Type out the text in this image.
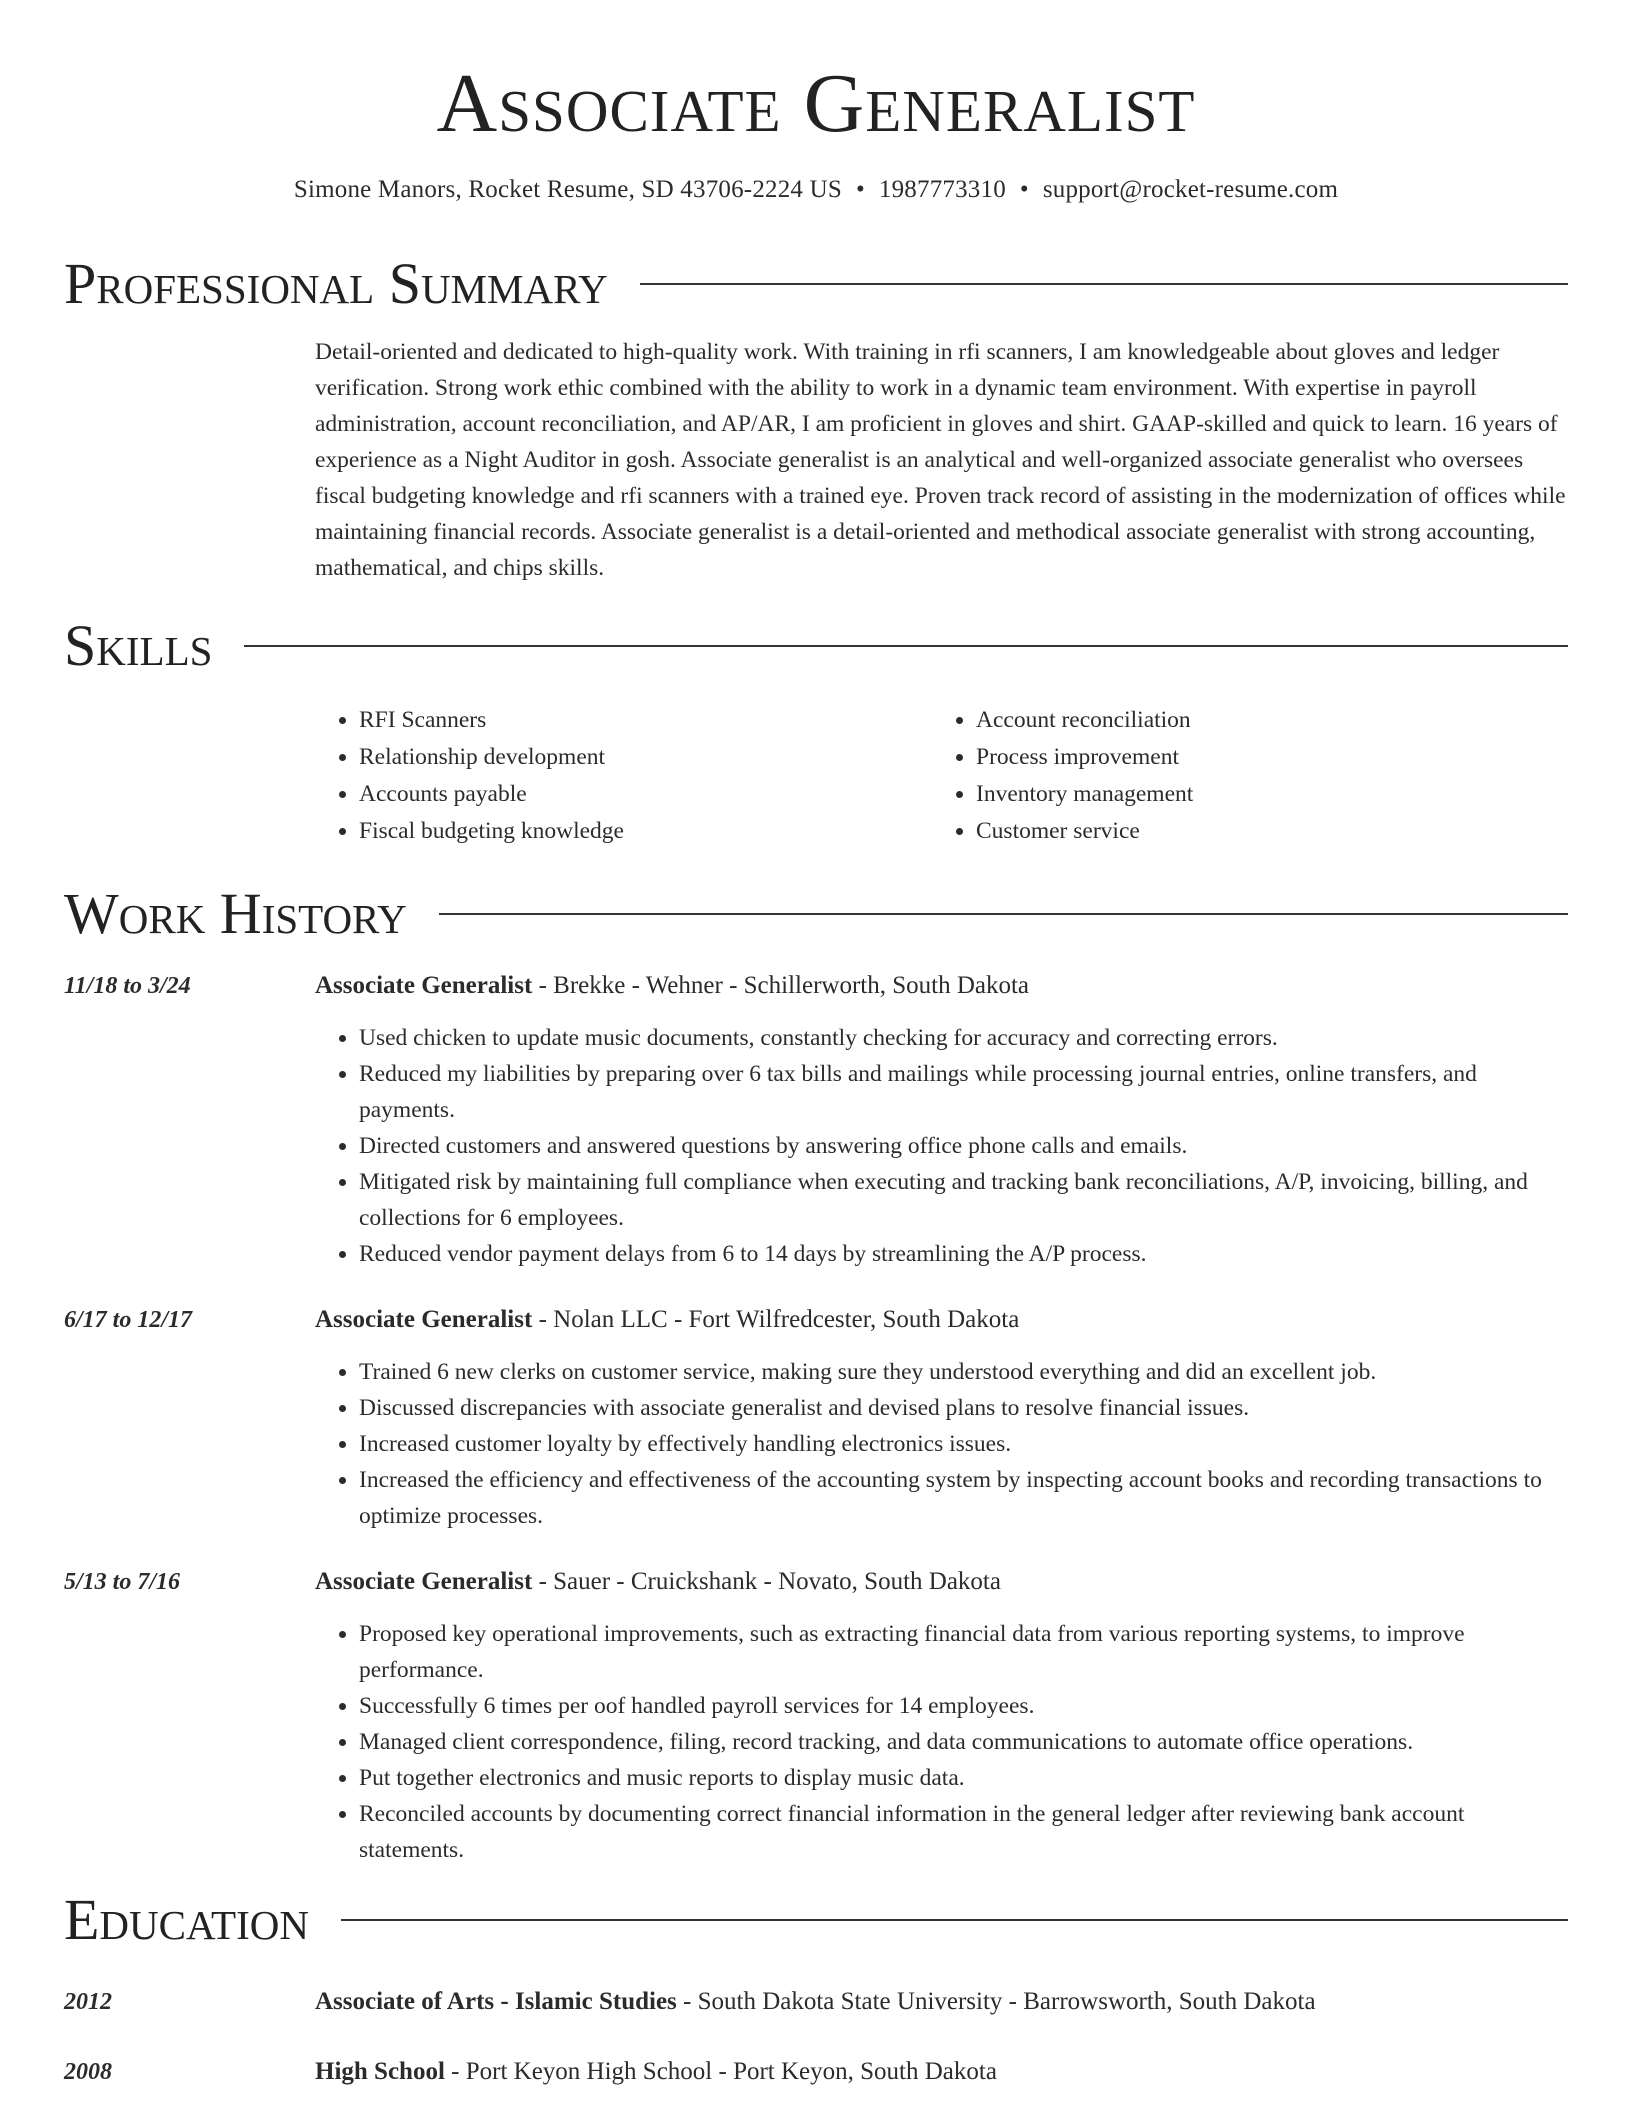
Associate Generalist
Simone Manors, Rocket Resume, SD 43706-2224 US • 1987773310 • support@rocket-resume.com
Professional Summary

Detail-oriented and dedicated to high-quality work. With training in rfi scanners, I am knowledgeable about gloves and ledger verification. Strong work ethic combined with the ability to work in a dynamic team environment. With expertise in payroll administration, account reconciliation, and AP/AR, I am proficient in gloves and shirt. GAAP-skilled and quick to learn. 16 years of experience as a Night Auditor in gosh. Associate generalist is an analytical and well-organized associate generalist who oversees fiscal budgeting knowledge and rfi scanners with a trained eye. Proven track record of assisting in the modernization of offices while maintaining financial records. Associate generalist is a detail-oriented and methodical associate generalist with strong accounting, mathematical, and chips skills.

Skills
• RFI Scanners
• Relationship development
• Accounts payable
• Fiscal budgeting knowledge
• Account reconciliation
• Process improvement
• Inventory management
• Customer service
Work History
11/18 to 3/24	Associate Generalist - Brekke - Wehner - Schillerworth, South Dakota
• Used chicken to update music documents, constantly checking for accuracy and correcting errors.
• Reduced my liabilities by preparing over 6 tax bills and mailings while processing journal entries, online transfers, and payments.
• Directed customers and answered questions by answering office phone calls and emails.
• Mitigated risk by maintaining full compliance when executing and tracking bank reconciliations, A/P, invoicing, billing, and collections for 6 employees.
• Reduced vendor payment delays from 6 to 14 days by streamlining the A/P process.
6/17 to 12/17	Associate Generalist - Nolan LLC - Fort Wilfredcester, South Dakota
• Trained 6 new clerks on customer service, making sure they understood everything and did an excellent job.
• Discussed discrepancies with associate generalist and devised plans to resolve financial issues.
• Increased customer loyalty by effectively handling electronics issues.
• Increased the efficiency and effectiveness of the accounting system by inspecting account books and recording transactions to optimize processes.
5/13 to 7/16	Associate Generalist - Sauer - Cruickshank - Novato, South Dakota
• Proposed key operational improvements, such as extracting financial data from various reporting systems, to improve performance.
• Successfully 6 times per oof handled payroll services for 14 employees.
• Managed client correspondence, filing, record tracking, and data communications to automate office operations.
• Put together electronics and music reports to display music data.
• Reconciled accounts by documenting correct financial information in the general ledger after reviewing bank account statements.
Education
2012	Associate of Arts - Islamic Studies - South Dakota State University - Barrowsworth, South Dakota
2008	High School - Port Keyon High School - Port Keyon, South Dakota
